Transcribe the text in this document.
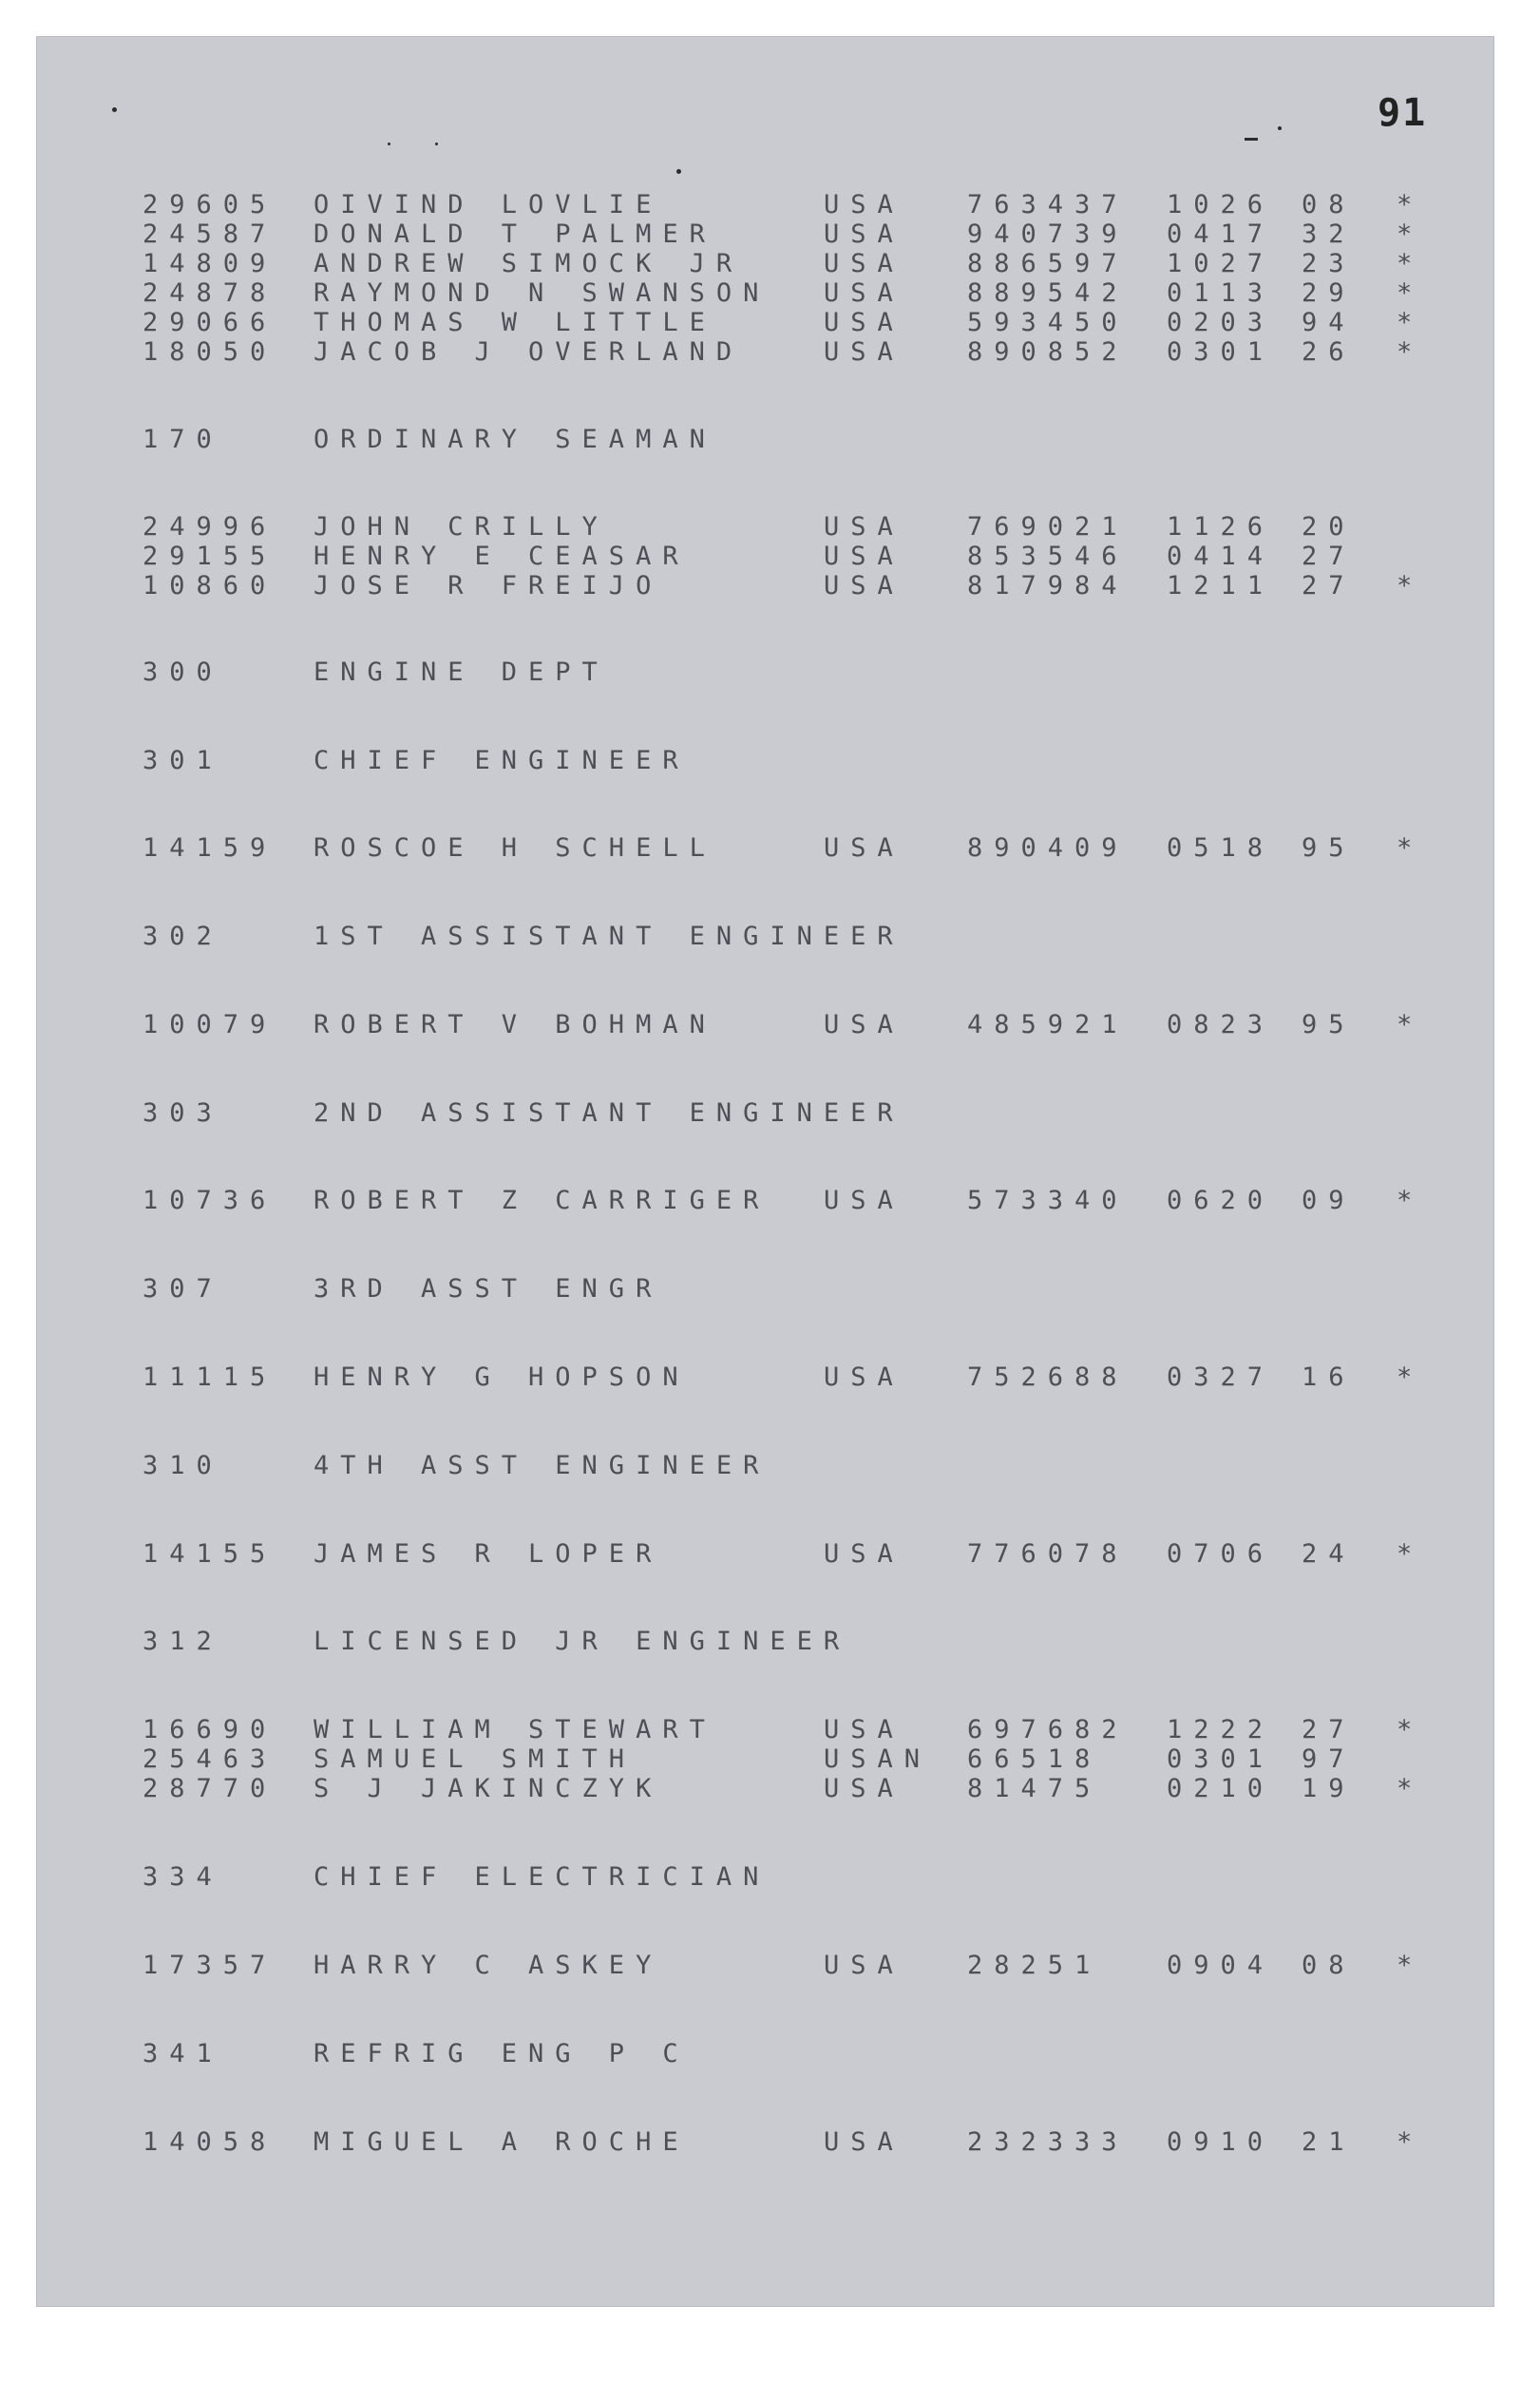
91
29605 OIVIND LOVLIE	USA 763437 1026 08 *
24587 DONALD T PALMER	USA 940739 0417 32 *
14809 ANDREW SIMOCK JR	USA 886597 1027 23 *
24878 RAYMOND N SWANSON USA 889542 0113 29 *
29066 THOMAS W LITTLE	USA 593450 0203 94 *
18050 JACOB J OVERLAND	USA 890852 0301 26 *
170	ORDINARY SEAMAN
24996 JOHN CRILLY	USA 769021 1126 20
29155 HENRY E CEASAR	USA 853546 0414 27
10860 JOSE R FREIJO	USA 817984 1211 27 *
300	ENGINE DEPT
301	CHIEF ENGINEER
14159 ROSCOE H SCHELL	USA 890409 0518 95 *
302	1ST ASSISTANT ENGINEER
10079 ROBERT V BOHMAN	USA 485921 0823 95 *
303	2ND ASSISTANT ENGINEER
10736 ROBERT Z CARRIGER USA 573340 0620 09 *
307	3RD ASST ENGR
11115 HENRY G HOPSON	USA 752688 0327 16 *
310	4TH ASST ENGINEER
14155 JAMES R LOPER	USA 776078 0706 24 *
312	LICENSED JR ENGINEER
16690 WILLIAM STEWART	USA 697682 1222 27 *
25463 SAMUEL SMITH	USAN 66518	0301 97
28770 S J JAKINCZYK	USA 81475	0210 19 *
334	CHIEF ELECTRICIAN
17357 HARRY C ASKEY	USA 28251	0904 08 *
341	REFRIG ENG P C
14058 MIGUEL A ROCHE	USA 232333 0910 21 *
